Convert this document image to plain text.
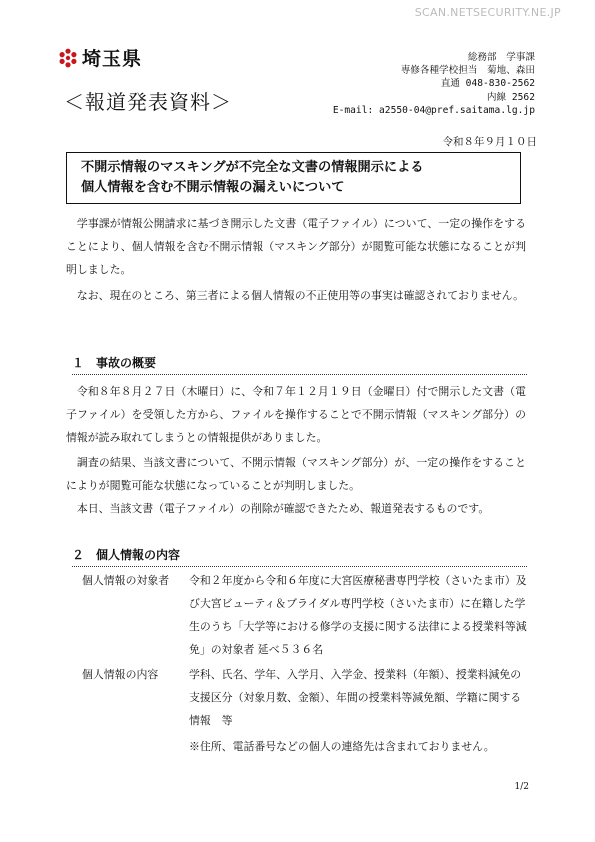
SCAN.NETSECURITY.NE.JP
埼玉県
＜報道発表資料＞
総務部　学事課
専修各種学校担当　菊地、森田
直通 048-830-2562
内線 2562
E-mail: a2550-04@pref.saitama.lg.jp
令和８年９月１０日
不開示情報のマスキングが不完全な文書の情報開示による
個人情報を含む不開示情報の漏えいについて

学事課が情報公開請求に基づき開示した文書（電子ファイル）について、一定の操作をすることにより、個人情報を含む不開示情報（マスキング部分）が閲覧可能な状態になることが判明しました。

なお、現在のところ、第三者による個人情報の不正使用等の事実は確認されておりません。

１　事故の概要

令和８年８月２７日（木曜日）に、令和７年１２月１９日（金曜日）付で開示した文書（電子ファイル）を受領した方から、ファイルを操作することで不開示情報（マスキング部分）の情報が読み取れてしまうとの情報提供がありました。

調査の結果、当該文書について、不開示情報（マスキング部分）が、一定の操作をすることによりが閲覧可能な状態になっていることが判明しました。

本日、当該文書（電子ファイル）の削除が確認できたため、報道発表するものです。

２　個人情報の内容
個人情報の対象者	令和２年度から令和６年度に大宮医療秘書専門学校（さいたま市）及び大宮ビューティ＆ブライダル専門学校（さいたま市）に在籍した学生のうち「大学等における修学の支援に関する法律による授業料等減免」の対象者 延べ５３６名
個人情報の内容	学科、氏名、学年、入学月、入学金、授業料（年額）、授業料減免の支援区分（対象月数、金額）、年間の授業料等減免額、学籍に関する情報　等
※住所、電話番号などの個人の連絡先は含まれておりません。
1/2
